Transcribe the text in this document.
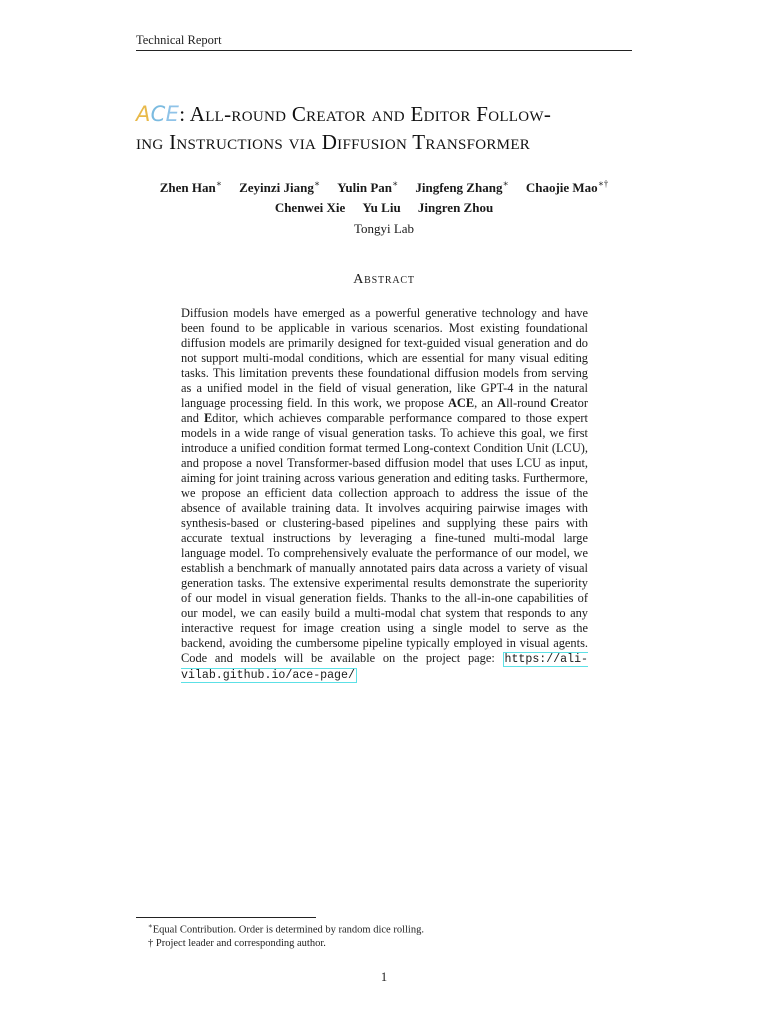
Technical Report
ACE: All-round Creator and Editor Follow-
ing Instructions via Diffusion Transformer
Zhen Han∗ Zeyinzi Jiang∗ Yulin Pan∗ Jingfeng Zhang∗ Chaojie Mao∗†
Chenwei Xie Yu Liu Jingren Zhou
Tongyi Lab
Abstract
Diffusion models have emerged as a powerful generative technology and have been found to be applicable in various scenarios. Most existing foundational diffusion models are primarily designed for text-guided visual generation and do not support multi-modal conditions, which are essential for many visual editing tasks. This limitation prevents these foundational diffusion models from serving as a unified model in the field of visual generation, like GPT-4 in the natural language processing field. In this work, we propose ACE, an All-round Creator and Editor, which achieves comparable performance compared to those expert models in a wide range of visual generation tasks. To achieve this goal, we first introduce a unified condition format termed Long-context Condition Unit (LCU), and propose a novel Transformer-based diffusion model that uses LCU as input, aiming for joint training across various generation and editing tasks. Furthermore, we propose an efficient data collection approach to address the issue of the absence of available training data. It involves acquiring pairwise images with synthesis-based or clustering-based pipelines and supplying these pairs with accurate textual instructions by leveraging a fine-tuned multi-modal large language model. To comprehensively evaluate the performance of our model, we establish a benchmark of manually annotated pairs data across a variety of visual generation tasks. The extensive experimental results demonstrate the superiority of our model in visual generation fields. Thanks to the all-in-one capabilities of our model, we can easily build a multi-modal chat system that responds to any interactive request for image creation using a single model to serve as the backend, avoiding the cumbersome pipeline typically employed in visual agents. Code and models will be available on the project page: https://ali-vilab.github.io/ace-page/
∗Equal Contribution. Order is determined by random dice rolling.
† Project leader and corresponding author.
1
